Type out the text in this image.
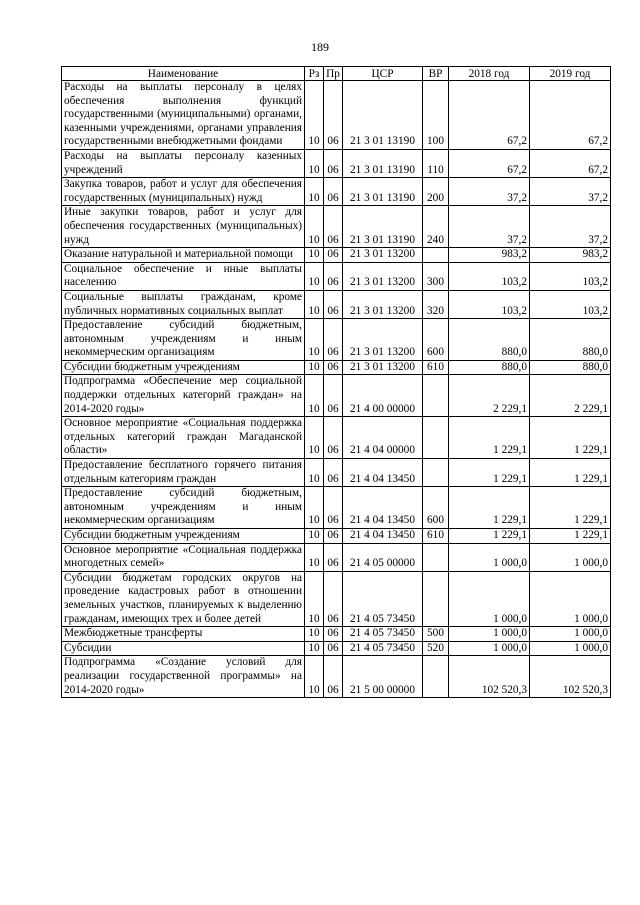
189
Наименование	Рз	Пр	ЦСР	ВР	2018 год	2019 год
Расходы на выплаты персоналу в целях обеспечения выполнения функций государственными (муниципальными) органами, казенными учреждениями, органами управления государственными внебюджетными фондами	10	06	21 3 01 13190	100	67,2	67,2
Расходы на выплаты персоналу казенных учреждений	10	06	21 3 01 13190	110	67,2	67,2
Закупка товаров, работ и услуг для обеспечения государственных (муниципальных) нужд	10	06	21 3 01 13190	200	37,2	37,2
Иные закупки товаров, работ и услуг для обеспечения государственных (муниципальных) нужд	10	06	21 3 01 13190	240	37,2	37,2
Оказание натуральной и материальной помощи	10	06	21 3 01 13200		983,2	983,2
Социальное обеспечение и иные выплаты населению	10	06	21 3 01 13200	300	103,2	103,2
Социальные выплаты гражданам, кроме публичных нормативных социальных выплат	10	06	21 3 01 13200	320	103,2	103,2
Предоставление субсидий бюджетным, автономным учреждениям и иным некоммерческим организациям	10	06	21 3 01 13200	600	880,0	880,0
Субсидии бюджетным учреждениям	10	06	21 3 01 13200	610	880,0	880,0
Подпрограмма «Обеспечение мер социальной поддержки отдельных категорий граждан» на 2014-2020 годы»	10	06	21 4 00 00000		2 229,1	2 229,1
Основное мероприятие «Социальная поддержка отдельных категорий граждан Магаданской области»	10	06	21 4 04 00000		1 229,1	1 229,1
Предоставление бесплатного горячего питания отдельным категориям граждан	10	06	21 4 04 13450		1 229,1	1 229,1
Предоставление субсидий бюджетным, автономным учреждениям и иным некоммерческим организациям	10	06	21 4 04 13450	600	1 229,1	1 229,1
Субсидии бюджетным учреждениям	10	06	21 4 04 13450	610	1 229,1	1 229,1
Основное мероприятие «Социальная поддержка многодетных семей»	10	06	21 4 05 00000		1 000,0	1 000,0
Субсидии бюджетам городских округов на проведение кадастровых работ в отношении земельных участков, планируемых к выделению гражданам, имеющих трех и более детей	10	06	21 4 05 73450		1 000,0	1 000,0
Межбюджетные трансферты	10	06	21 4 05 73450	500	1 000,0	1 000,0
Субсидии	10	06	21 4 05 73450	520	1 000,0	1 000,0
Подпрограмма «Создание условий для реализации государственной программы» на 2014-2020 годы»	10	06	21 5 00 00000		102 520,3	102 520,3
